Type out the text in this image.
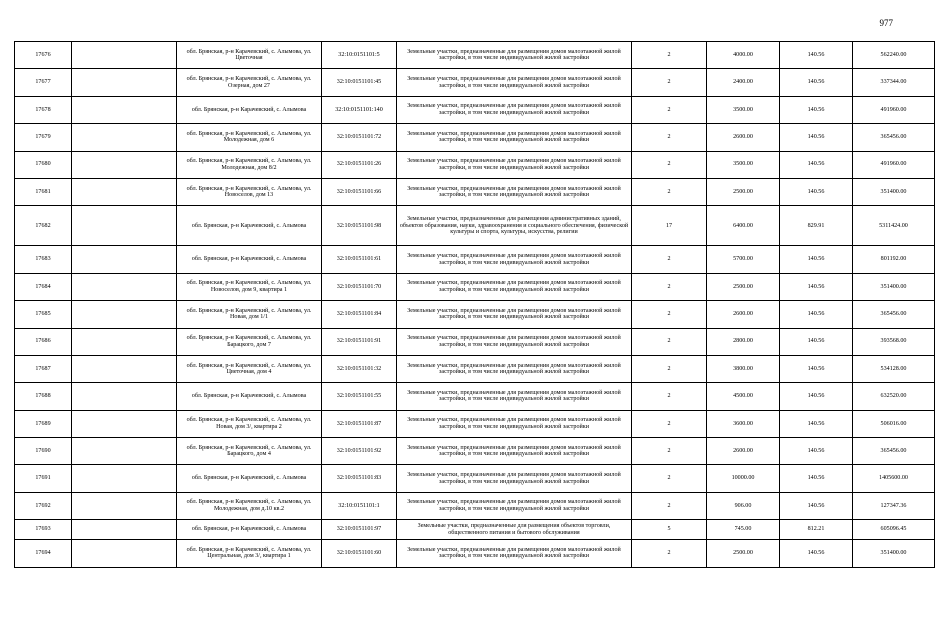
977
17676		обл. Брянская, р-н Карачевский, с. Алымова, ул. Цветочная	32:10:0151101:5	Земельные участки, предназначенные для размещения домов малоэтажной жилой застройки, в том числе индивидуальной жилой застройки	2	4000.00	140.56	562240.00
17677		обл. Брянская, р-н Карачевский, с. Алымова, ул. Озерная, дом 27	32:10:0151101:45	Земельные участки, предназначенные для размещения домов малоэтажной жилой застройки, в том числе индивидуальной жилой застройки	2	2400.00	140.56	337344.00
17678		обл. Брянская, р-н Карачевский, с. Алымова	32:10:0151101:140	Земельные участки, предназначенные для размещения домов малоэтажной жилой застройки, в том числе индивидуальной жилой застройки	2	3500.00	140.56	491960.00
17679		обл. Брянская, р-н Карачевский, с. Алымова, ул. Молодежная, дом 6	32:10:0151101:72	Земельные участки, предназначенные для размещения домов малоэтажной жилой застройки, в том числе индивидуальной жилой застройки	2	2600.00	140.56	365456.00
17680		обл. Брянская, р-н Карачевский, с. Алымова, ул. Молодежная, дом 8/2	32:10:0151101:26	Земельные участки, предназначенные для размещения домов малоэтажной жилой застройки, в том числе индивидуальной жилой застройки	2	3500.00	140.56	491960.00
17681		обл. Брянская, р-н Карачевский, с. Алымова, ул. Новоселов, дом 13	32:10:0151101:66	Земельные участки, предназначенные для размещения домов малоэтажной жилой застройки, в том числе индивидуальной жилой застройки	2	2500.00	140.56	351400.00
17682		обл. Брянская, р-н Карачевский, с. Алымова	32:10:0151101:98	Земельные участки, предназначенные для размещения административных зданий, объектов образования, науки, здравоохранения и социального обеспечения, физической культуры и спорта, культуры, искусства, религии	17	6400.00	829.91	5311424.00
17683		обл. Брянская, р-н Карачевский, с. Алымова	32:10:0151101:61	Земельные участки, предназначенные для размещения домов малоэтажной жилой застройки, в том числе индивидуальной жилой застройки	2	5700.00	140.56	801192.00
17684		обл. Брянская, р-н Карачевский, с. Алымова, ул. Новоселов, дом 9, квартира 1	32:10:0151101:70	Земельные участки, предназначенные для размещения домов малоэтажной жилой застройки, в том числе индивидуальной жилой застройки	2	2500.00	140.56	351400.00
17685		обл. Брянская, р-н Карачевский, с. Алымова, ул. Новая, дом 1/1	32:10:0151101:84	Земельные участки, предназначенные для размещения домов малоэтажной жилой застройки, в том числе индивидуальной жилой застройки	2	2600.00	140.56	365456.00
17686		обл. Брянская, р-н Карачевский, с. Алымова, ул. Барацкого, дом 7	32:10:0151101:91	Земельные участки, предназначенные для размещения домов малоэтажной жилой застройки, в том числе индивидуальной жилой застройки	2	2800.00	140.56	393568.00
17687		обл. Брянская, р-н Карачевский, с. Алымова, ул. Цветочная, дом 4	32:10:0151101:32	Земельные участки, предназначенные для размещения домов малоэтажной жилой застройки, в том числе индивидуальной жилой застройки	2	3800.00	140.56	534128.00
17688		обл. Брянская, р-н Карачевский, с. Алымова	32:10:0151101:55	Земельные участки, предназначенные для размещения домов малоэтажной жилой застройки, в том числе индивидуальной жилой застройки	2	4500.00	140.56	632520.00
17689		обл. Брянская, р-н Карачевский, с. Алымова, ул. Новая, дом 3/, квартира 2	32:10:0151101:87	Земельные участки, предназначенные для размещения домов малоэтажной жилой застройки, в том числе индивидуальной жилой застройки	2	3600.00	140.56	506016.00
17690		обл. Брянская, р-н Карачевский, с. Алымова, ул. Барацкого, дом 4	32:10:0151101:92	Земельные участки, предназначенные для размещения домов малоэтажной жилой застройки, в том числе индивидуальной жилой застройки	2	2600.00	140.56	365456.00
17691		обл. Брянская, р-н Карачевский, с. Алымова	32:10:0151101:83	Земельные участки, предназначенные для размещения домов малоэтажной жилой застройки, в том числе индивидуальной жилой застройки	2	10000.00	140.56	1405600.00
17692		обл. Брянская, р-н Карачевский, с. Алымова, ул. Молодежная, дом д.10 кв.2	32:10:0151101:1	Земельные участки, предназначенные для размещения домов малоэтажной жилой застройки, в том числе индивидуальной жилой застройки	2	906.00	140.56	127347.36
17693		обл. Брянская, р-н Карачевский, с. Алымова	32:10:0151101:97	Земельные участки, предназначенные для размещения объектов торговли, общественного питания и бытового обслуживания	5	745.00	812.21	605096.45
17694		обл. Брянская, р-н Карачевский, с. Алымова, ул. Центральная, дом 3/, квартира 1	32:10:0151101:60	Земельные участки, предназначенные для размещения домов малоэтажной жилой застройки, в том числе индивидуальной жилой застройки	2	2500.00	140.56	351400.00
